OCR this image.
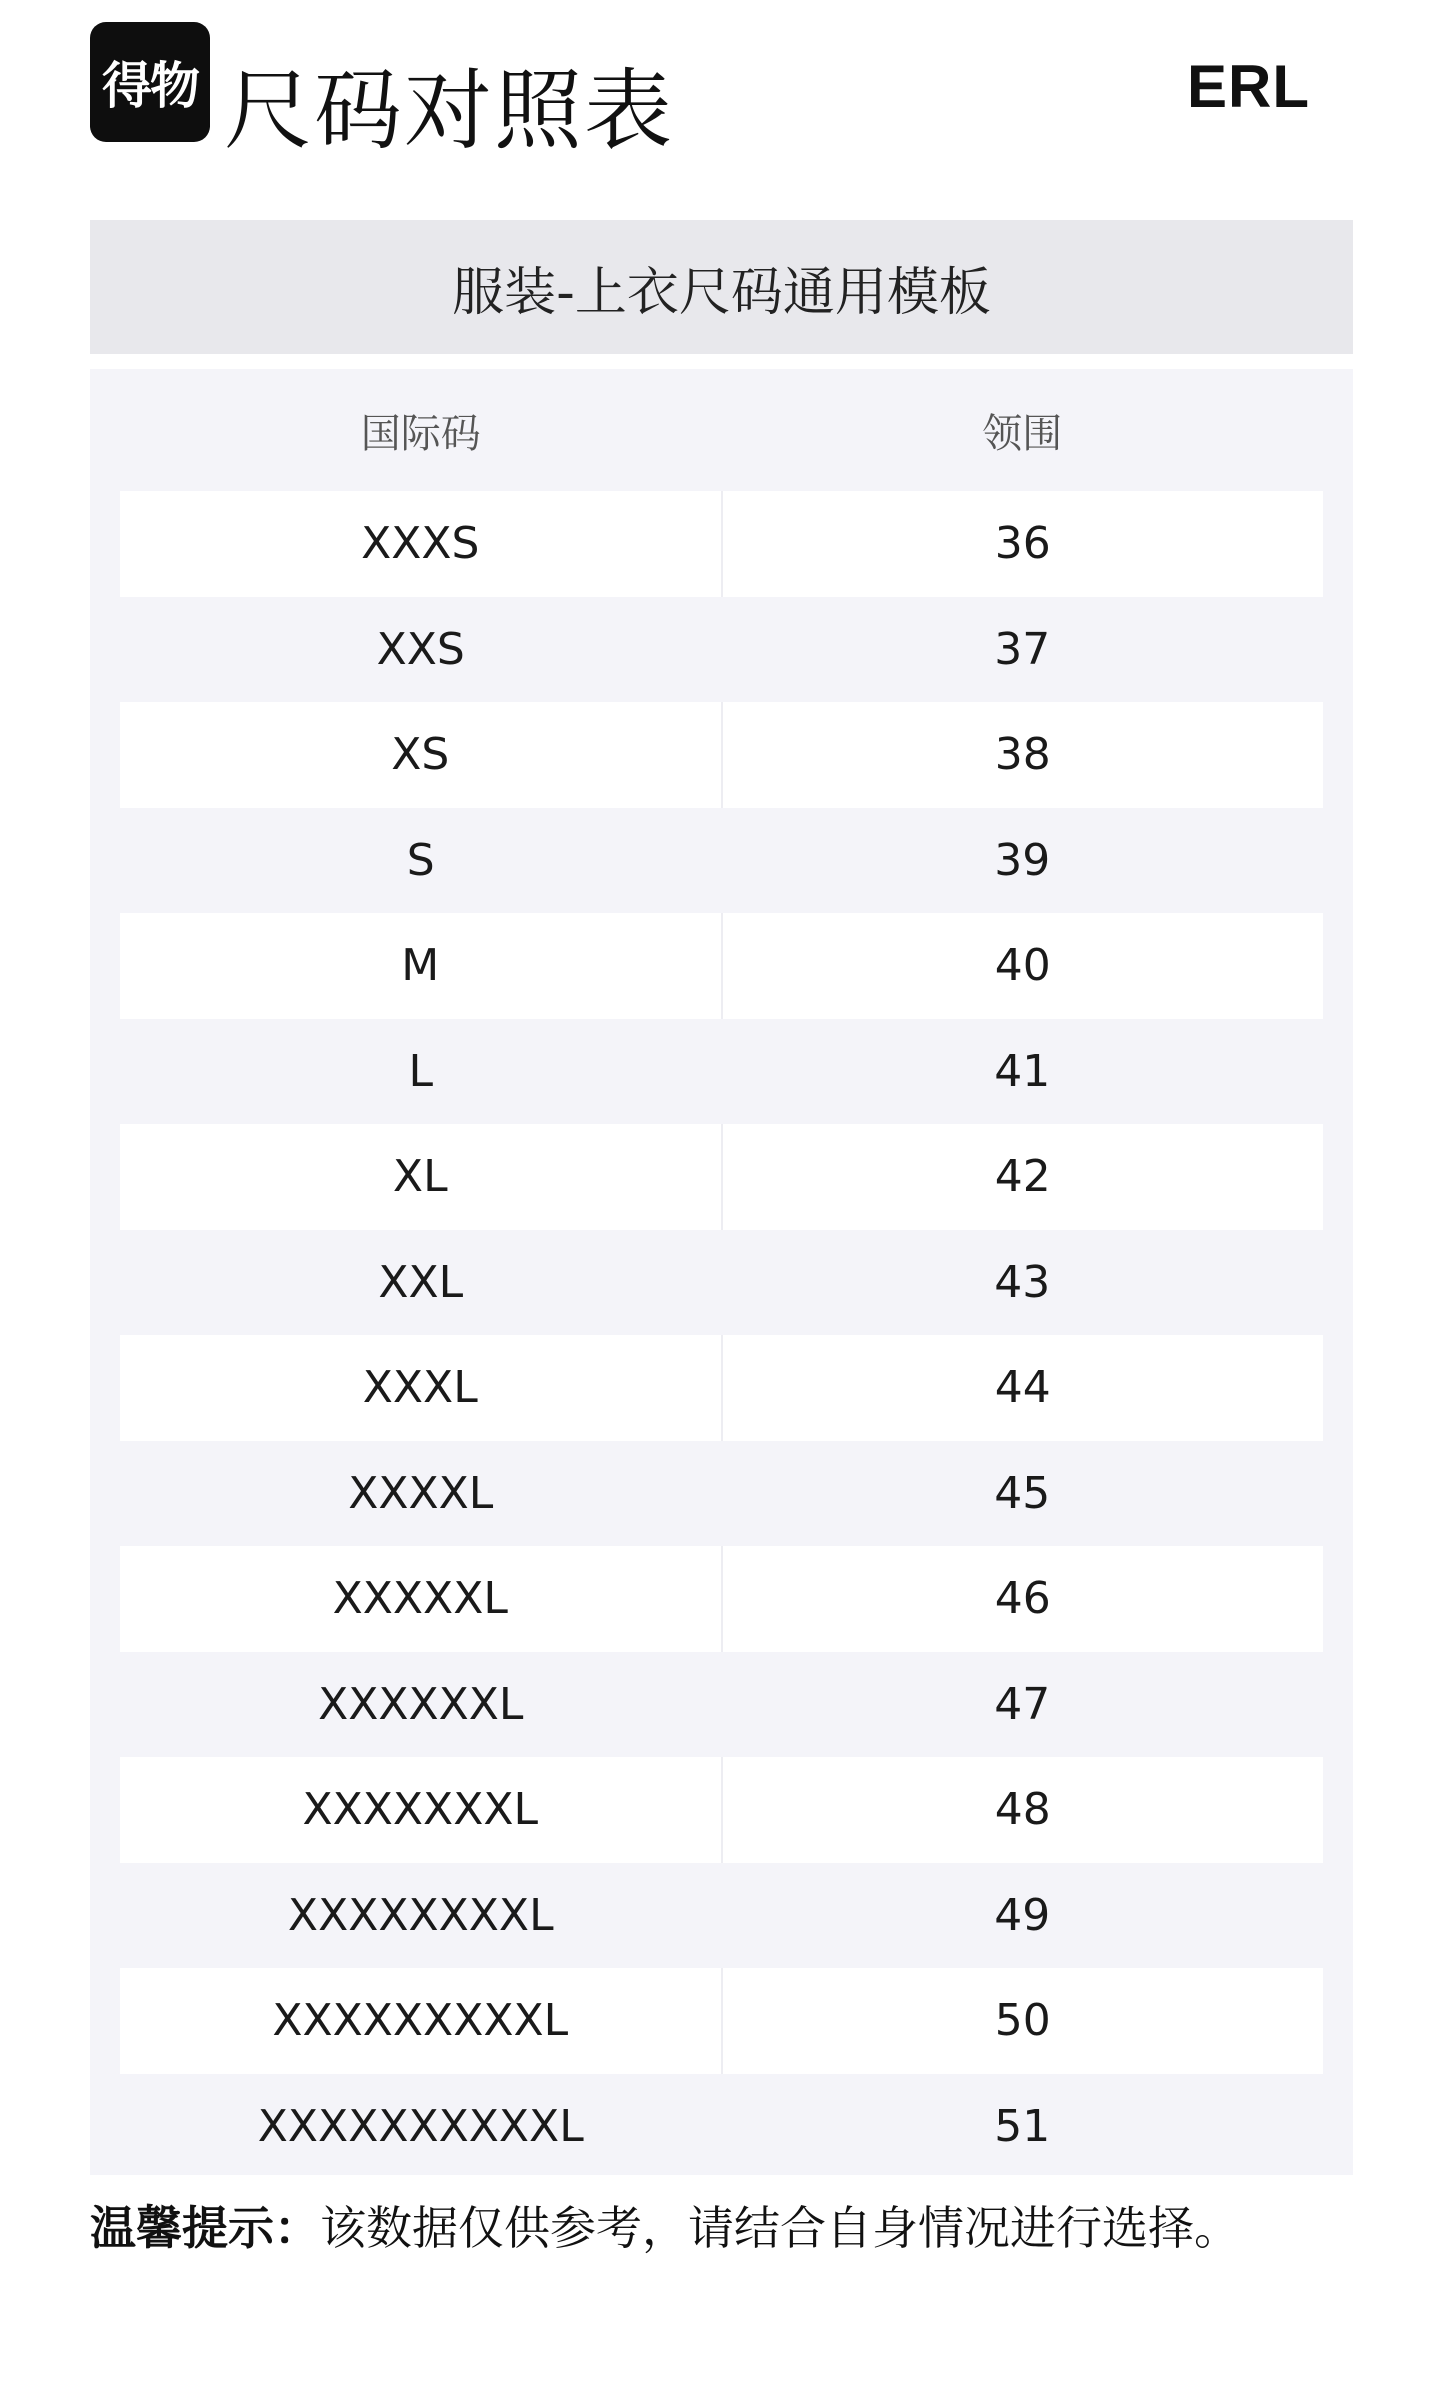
得物 尺码对照表	ERL
服装-上衣尺码通用模板
国际码	领围
XXXS	36
XXS	37
XS	38
S	39
M	40
L	41
XL	42
XXL	43
XXXL	44
XXXXL	45
XXXXXL	46
XXXXXXL	47
XXXXXXXL	48
XXXXXXXXL	49
XXXXXXXXXL	50
XXXXXXXXXXL	51
温馨提示：该数据仅供参考，请结合自身情况进行选择。
